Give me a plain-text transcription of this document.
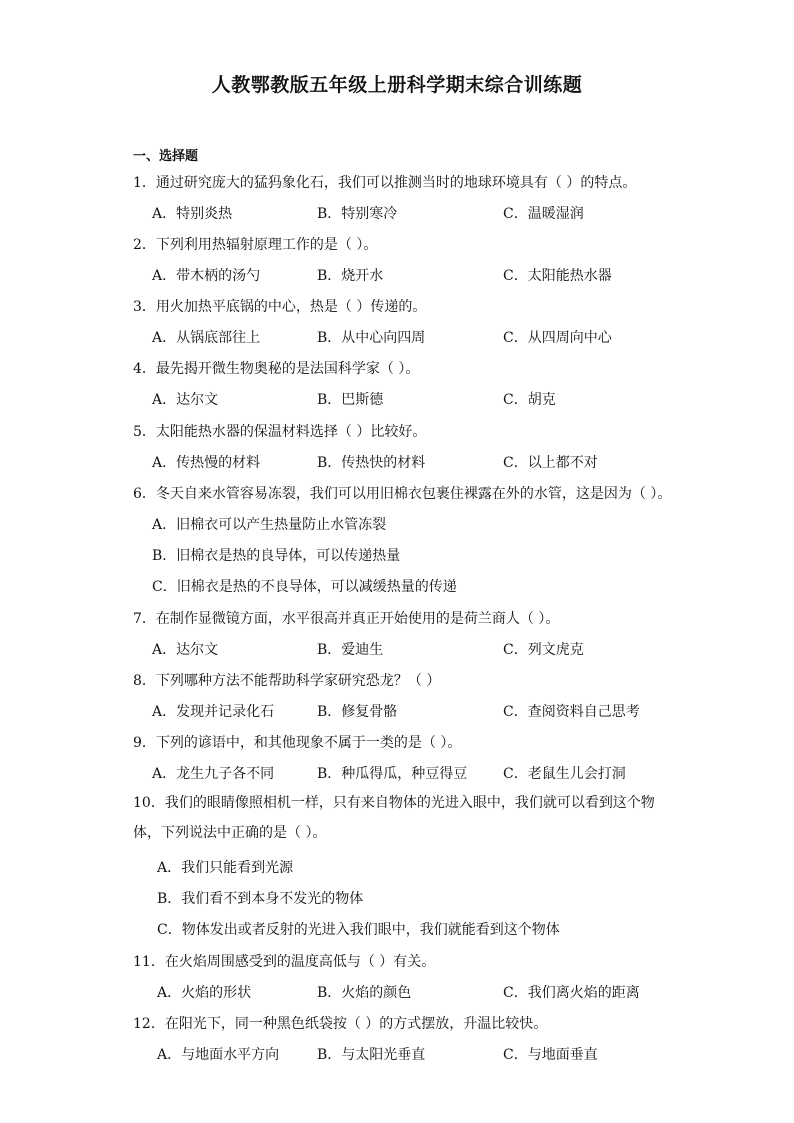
人教鄂教版五年级上册科学期末综合训练题
一、选择题
1．通过研究庞大的猛犸象化石，我们可以推测当时的地球环境具有（ ）的特点。
A．特别炎热	B．特别寒冷	C．温暖湿润
2．下列利用热辐射原理工作的是（ ）。
A．带木柄的汤勺	B．烧开水	C．太阳能热水器
3．用火加热平底锅的中心，热是（ ）传递的。
A．从锅底部往上	B．从中心向四周	C．从四周向中心
4．最先揭开微生物奥秘的是法国科学家（ ）。
A．达尔文	B．巴斯德	C．胡克
5．太阳能热水器的保温材料选择（ ）比较好。
A．传热慢的材料	B．传热快的材料	C．以上都不对
6．冬天自来水管容易冻裂，我们可以用旧棉衣包裹住裸露在外的水管，这是因为（ ）。
A．旧棉衣可以产生热量防止水管冻裂
B．旧棉衣是热的良导体，可以传递热量
C．旧棉衣是热的不良导体，可以减缓热量的传递
7．在制作显微镜方面，水平很高并真正开始使用的是荷兰商人（ ）。
A．达尔文	B．爱迪生	C．列文虎克
8．下列哪种方法不能帮助科学家研究恐龙？（ ）
A．发现并记录化石	B．修复骨骼	C．查阅资料自己思考
9．下列的谚语中，和其他现象不属于一类的是（ ）。
A．龙生九子各不同	B．种瓜得瓜，种豆得豆	C．老鼠生儿会打洞
10．我们的眼睛像照相机一样，只有来自物体的光进入眼中，我们就可以看到这个物体，下列说法中正确的是（ ）。
A．我们只能看到光源
B．我们看不到本身不发光的物体
C．物体发出或者反射的光进入我们眼中，我们就能看到这个物体
11．在火焰周围感受到的温度高低与（ ）有关。
A．火焰的形状	B．火焰的颜色	C．我们离火焰的距离
12．在阳光下，同一种黑色纸袋按（ ）的方式摆放，升温比较快。
A．与地面水平方向	B．与太阳光垂直	C．与地面垂直
